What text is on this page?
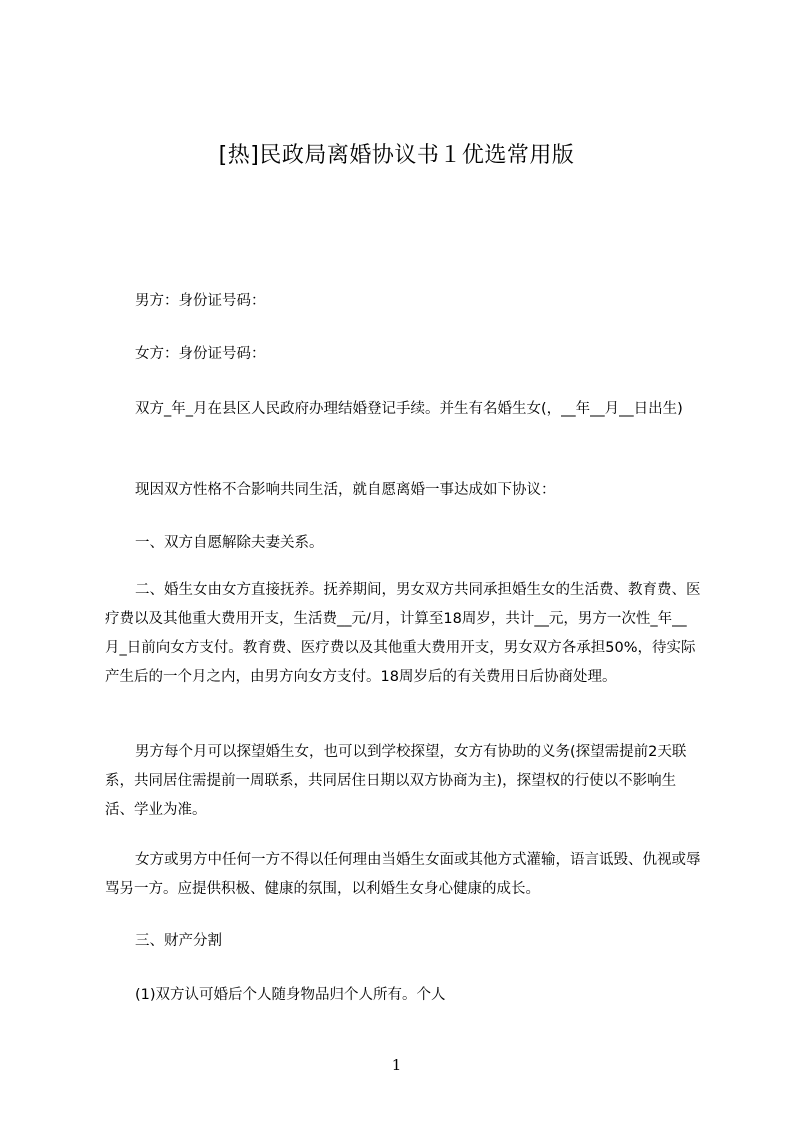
[热]民政局离婚协议书１优选常用版

男方：身份证号码：

女方：身份证号码：

双方_年_月在县区人民政府办理结婚登记手续。并生有名婚生女(，__年__月__日出生)

现因双方性格不合影响共同生活，就自愿离婚一事达成如下协议：

一、双方自愿解除夫妻关系。

二、婚生女由女方直接抚养。抚养期间，男女双方共同承担婚生女的生活费、教育费、医疗费以及其他重大费用开支，生活费__元/月，计算至18周岁，共计__元，男方一次性_年__月_日前向女方支付。教育费、医疗费以及其他重大费用开支，男女双方各承担50%，待实际产生后的一个月之内，由男方向女方支付。18周岁后的有关费用日后协商处理。

男方每个月可以探望婚生女，也可以到学校探望，女方有协助的义务(探望需提前2天联系，共同居住需提前一周联系，共同居住日期以双方协商为主)，探望权的行使以不影响生活、学业为准。

女方或男方中任何一方不得以任何理由当婚生女面或其他方式灌输，语言诋毁、仇视或辱骂另一方。应提供积极、健康的氛围，以利婚生女身心健康的成长。

三、财产分割

(1)双方认可婚后个人随身物品归个人所有。个人

1
